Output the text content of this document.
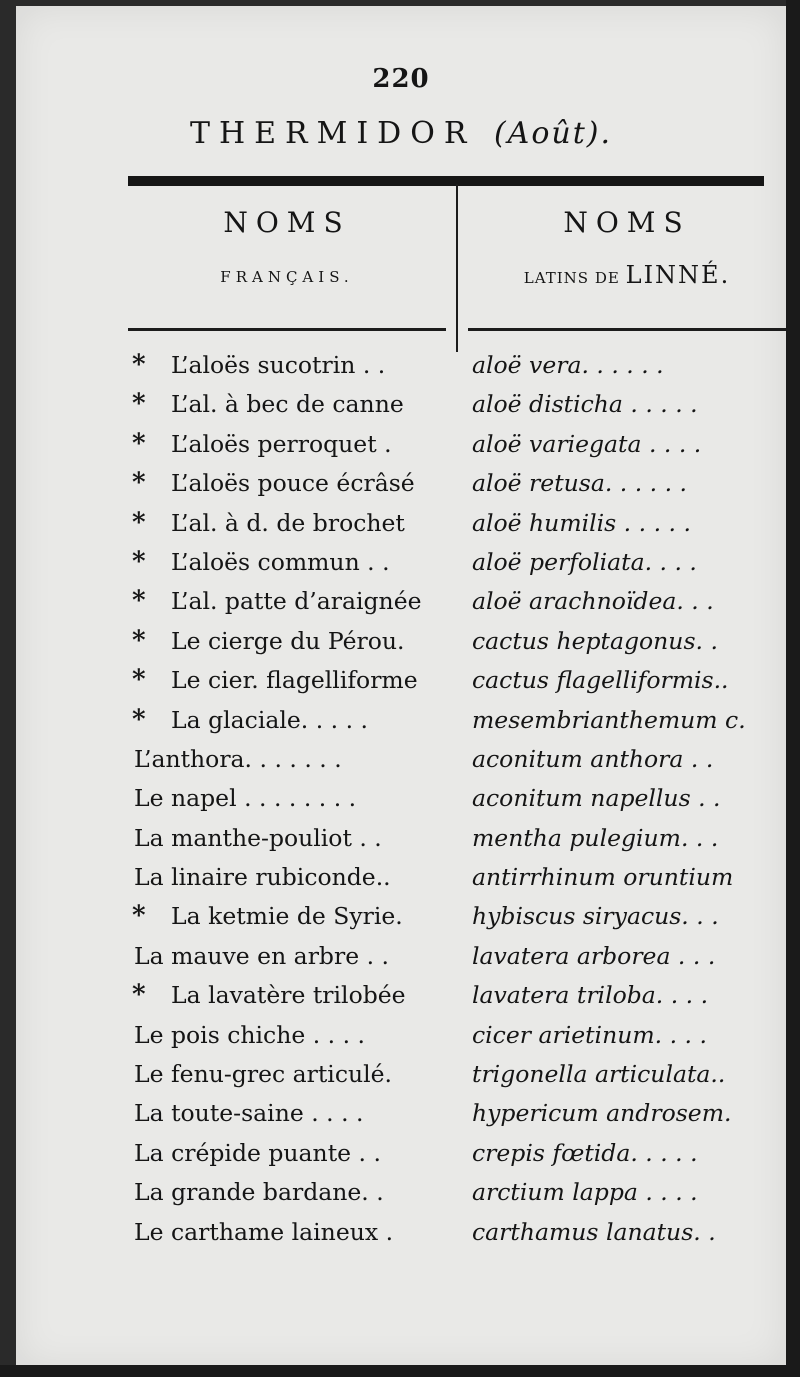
220
THERMIDOR (Août).
NOMS
FRANÇAIS.
NOMS
LATINS DE LINNÉ.
* L’aloës sucotrin . .	aloë vera. . . . . .
* L’al. à bec de canne	aloë disticha . . . . .
* L’aloës perroquet .	aloë variegata . . . .
* L’aloës pouce écrâsé	aloë retusa. . . . . .
* L’al. à d. de brochet	aloë humilis . . . . .
* L’aloës commun . .	aloë perfoliata. . . .
* L’al. patte d’araignée	aloë arachnoïdea. . .
* Le cierge du Pérou.	cactus heptagonus. .
* Le cier. flagelliforme	cactus flagelliformis..
* La glaciale. . . . .	mesembrianthemum c.
L’anthora. . . . . . .	aconitum anthora . .
Le napel . . . . . . . .	aconitum napellus . .
La manthe-pouliot . .	mentha pulegium. . .
La linaire rubiconde..	antirrhinum oruntium
* La ketmie de Syrie.	hybiscus siryacus. . .
La mauve en arbre . .	lavatera arborea . . .
* La lavatère trilobée	lavatera triloba. . . .
Le pois chiche . . . .	cicer arietinum. . . .
Le fenu-grec articulé.	trigonella articulata..
La toute-saine . . . .	hypericum androsem.
La crépide puante . .	crepis fœtida. . . . .
La grande bardane. .	arctium lappa . . . .
Le carthame laineux .	carthamus lanatus. .
